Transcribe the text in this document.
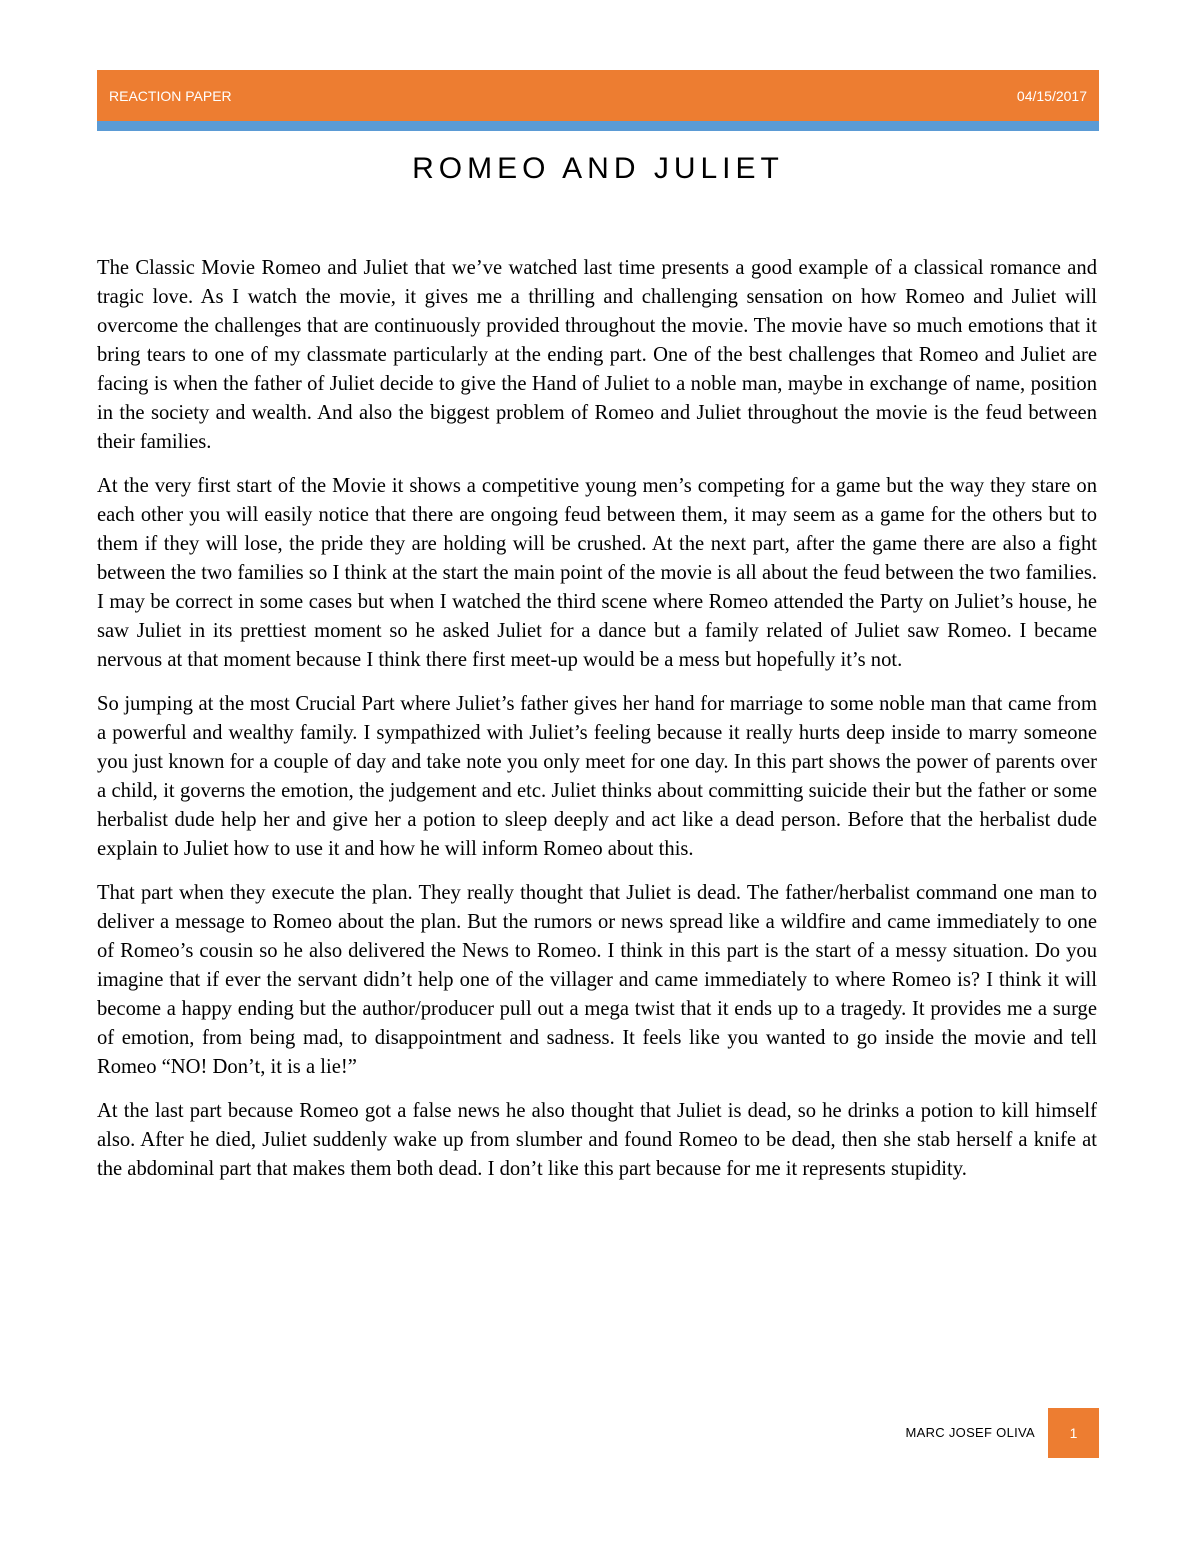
REACTION PAPER	04/15/2017
ROMEO AND JULIET

The Classic Movie Romeo and Juliet that we’ve watched last time presents a good example of a classical romance and tragic love. As I watch the movie, it gives me a thrilling and challenging sensation on how Romeo and Juliet will overcome the challenges that are continuously provided throughout the movie. The movie have so much emotions that it bring tears to one of my classmate particularly at the ending part. One of the best challenges that Romeo and Juliet are facing is when the father of Juliet decide to give the Hand of Juliet to a noble man, maybe in exchange of name, position in the society and wealth. And also the biggest problem of Romeo and Juliet throughout the movie is the feud between their families.

At the very first start of the Movie it shows a competitive young men’s competing for a game but the way they stare on each other you will easily notice that there are ongoing feud between them, it may seem as a game for the others but to them if they will lose, the pride they are holding will be crushed. At the next part, after the game there are also a fight between the two families so I think at the start the main point of the movie is all about the feud between the two families. I may be correct in some cases but when I watched the third scene where Romeo attended the Party on Juliet’s house, he saw Juliet in its prettiest moment so he asked Juliet for a dance but a family related of Juliet saw Romeo. I became nervous at that moment because I think there first meet-up would be a mess but hopefully it’s not.

So jumping at the most Crucial Part where Juliet’s father gives her hand for marriage to some noble man that came from a powerful and wealthy family. I sympathized with Juliet’s feeling because it really hurts deep inside to marry someone you just known for a couple of day and take note you only meet for one day. In this part shows the power of parents over a child, it governs the emotion, the judgement and etc. Juliet thinks about committing suicide their but the father or some herbalist dude help her and give her a potion to sleep deeply and act like a dead person. Before that the herbalist dude explain to Juliet how to use it and how he will inform Romeo about this.

That part when they execute the plan. They really thought that Juliet is dead. The father/herbalist command one man to deliver a message to Romeo about the plan. But the rumors or news spread like a wildfire and came immediately to one of Romeo’s cousin so he also delivered the News to Romeo. I think in this part is the start of a messy situation. Do you imagine that if ever the servant didn’t help one of the villager and came immediately to where Romeo is? I think it will become a happy ending but the author/producer pull out a mega twist that it ends up to a tragedy. It provides me a surge of emotion, from being mad, to disappointment and sadness. It feels like you wanted to go inside the movie and tell Romeo “NO! Don’t, it is a lie!”

At the last part because Romeo got a false news he also thought that Juliet is dead, so he drinks a potion to kill himself also. After he died, Juliet suddenly wake up from slumber and found Romeo to be dead, then she stab herself a knife at the abdominal part that makes them both dead. I don’t like this part because for me it represents stupidity.

MARC JOSEF OLIVA	1
